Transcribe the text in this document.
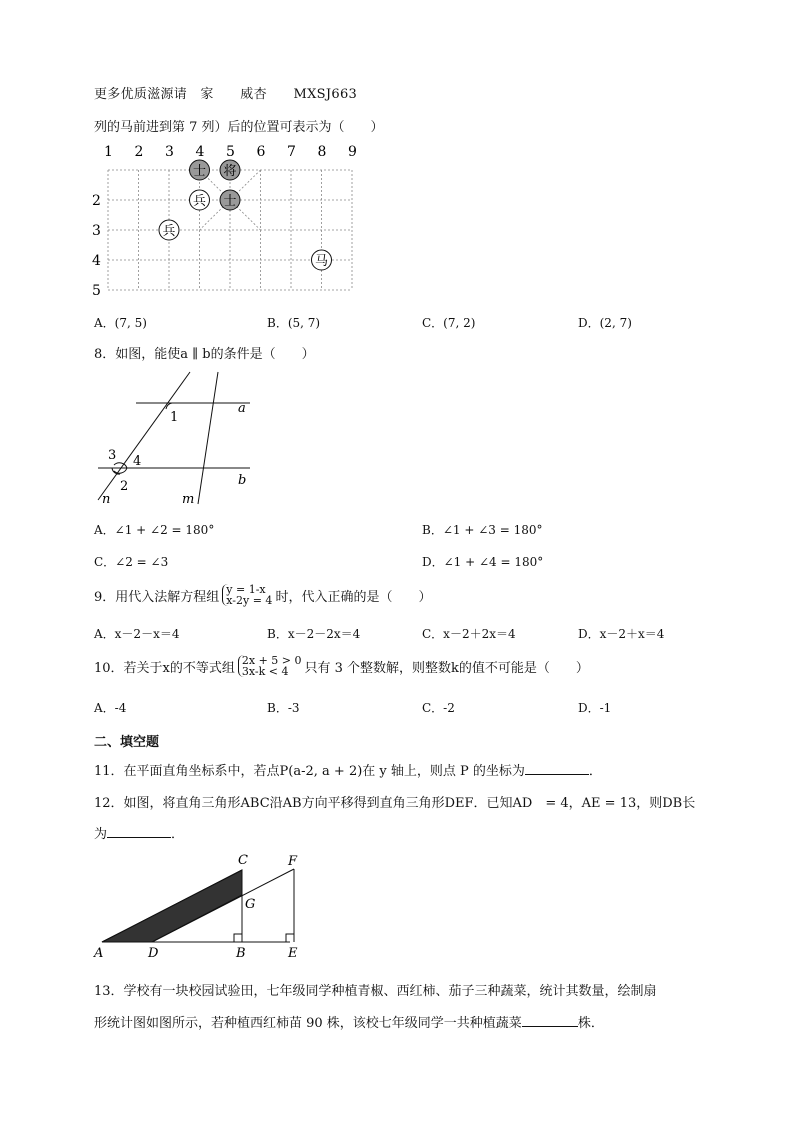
更多优质滋源请　家　　威杏　　MXSJ663
列的马前进到第 7 列）后的位置可表示为（　　）
1 2 3 4 5 6 7 8 9
2
3
4
5
士 将
兵 士
兵
马
A．(7, 5)	B．(5, 7)	C．(7, 2)	D．(2, 7)
8．如图，能使a ∥ b的条件是（　　）
a
b
1
3 4
2
n	m
A．∠1 + ∠2 = 180°	B．∠1 + ∠3 = 180°
C．∠2 = ∠3	D．∠1 + ∠4 = 180°
9．用代入法解方程组 y = 1-x
x-2y = 4 时，代入正确的是（　　）
A．x－2－x＝4	B．x－2－2x＝4	C．x－2＋2x＝4	D．x－2＋x＝4
10．若关于x的不等式组 2x + 5 > 0
3x-k < 4	只有 3 个整数解，则整数k的值不可能是（　　）
A．-4	B．-3	C．-2	D．-1
二、填空题
11．在平面直角坐标系中，若点P(a-2, a + 2)在 y 轴上，则点 P 的坐标为	．
12．如图，将直角三角形ABC沿AB方向平移得到直角三角形DEF．已知AD　= 4，AE = 13，则DB长
为	．
C	F
G
A	D	B	E
13．学校有一块校园试验田，七年级同学种植青椒、西红柿、茄子三种蔬菜，统计其数量，绘制扇
形统计图如图所示，若种植西红柿苗 90 株，该校七年级同学一共种植蔬菜	株．
